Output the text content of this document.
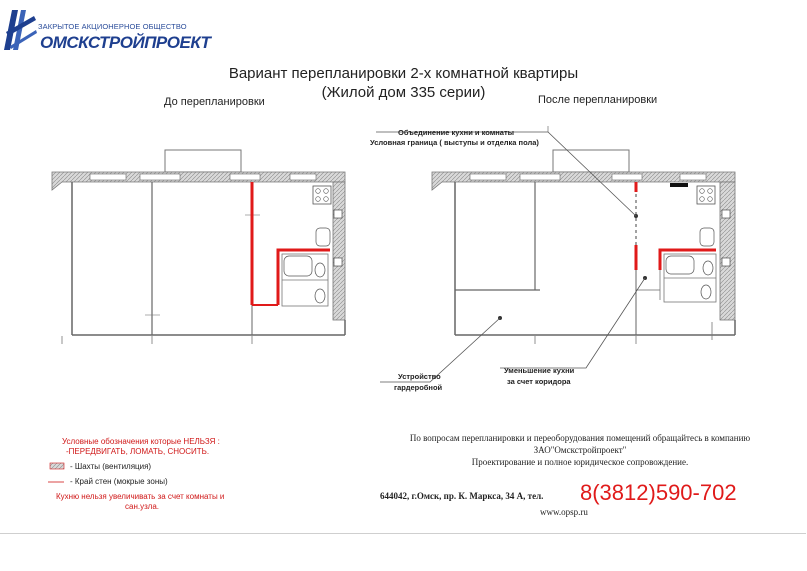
ЗАКРЫТОЕ АКЦИОНЕРНОЕ ОБЩЕСТВО
ОМСКСТРОЙПРОЕКТ
Вариант перепланировки 2-х комнатной квартиры
(Жилой дом 335 серии)
До перепланировки	После перепланировки
Объединение кухни и комнаты
Условная граница ( выступы и отделка пола)
Устройство
гардеробной
Уменьшение кухни
за счет коридора
Условные обозначения которые НЕЛЬЗЯ :
-ПЕРЕДВИГАТЬ, ЛОМАТЬ, СНОСИТЬ.
- Шахты (вентиляция)
- Край стен (мокрые зоны)
Кухню нельзя увеличивать за счет комнаты и
сан.узла.
По вопросам перепланировки и переоборудования помещений обращайтесь в компанию
ЗАО"Омскстройпроект"
Проектирование и полное юридическое сопровождение.
644042, г.Омск, пр. К. Маркса, 34 А, тел. 8(3812)590-702
www.opsp.ru
